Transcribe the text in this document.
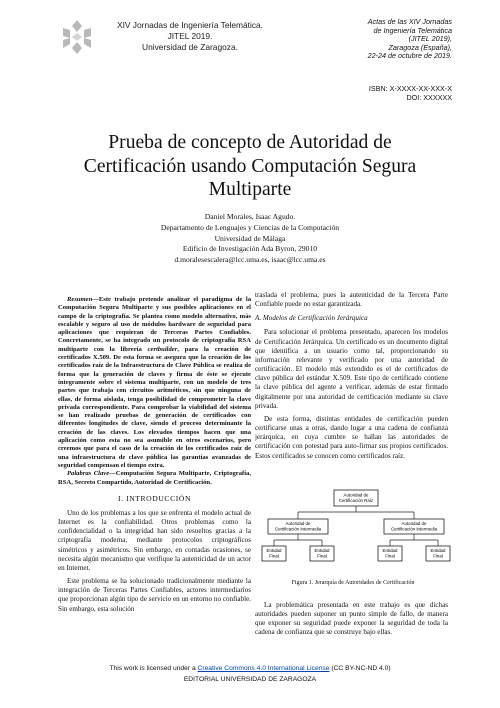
XIV Jornadas de Ingeniería Telemática.
JITEL 2019.
Universidad de Zaragoza.
Actas de las XIV Jornadas
de Ingeniería Telemática
(JITEL 2019),
Zaragoza (España),
22-24 de octubre de 2019.
ISBN: X-XXXX-XX-XXX-X
DOI: XXXXXX
Prueba de concepto de Autoridad de
Certificación usando Computación Segura
Multiparte
Daniel Morales, Isaac Agudo.
Departamento de Lenguajes y Ciencias de la Computación
Universidad de Málaga
Edificio de Investigación Ada Byron, 29010
d.moralesescalera@lcc.uma.es, isaac@lcc.uma.es

Resumen—Este trabajo pretende analizar el paradigma de la Computación Segura Multiparte y sus posibles aplicaciones en el campo de la criptografía. Se plantea como modelo alternativo, más escalable y seguro al uso de módulos hardware de seguridad para aplicaciones que requieran de Terceras Partes Confiables. Concretamente, se ha integrado un protocolo de criptografía RSA multiparte con la librería certbuilder, para la creación de certificados X.509. De esta forma se asegura que la creación de los certificados raíz de la Infraestructura de Clave Pública se realiza de forma que la generación de claves y firma de éste se ejecute íntegramente sobre el sistema multiparte, con un modelo de tres partes que trabaja con circuitos aritméticos, sin que ninguna de ellas, de forma aislada, tenga posibilidad de comprometer la clave privada correspondiente. Para comprobar la viabilidad del sistema se han realizado pruebas de generación de certificados con diferentes longitudes de clave, siendo el proceso determinante la creación de las claves. Los elevados tiempos hacen que una aplicación como esta no sea asumible en otros escenarios, pero creemos que para el caso de la creación de los certificados raíz de una infraestructura de clave pública las garantías avanzadas de seguridad compensan el tiempo extra.

Palabras Clave—Computación Segura Multiparte, Criptografía, RSA, Secreto Compartido, Autoridad de Certificación.

I. INTRODUCCIÓN

Uno de los problemas a los que se enfrenta el modelo actual de Internet es la confiabilidad. Otros problemas como la confidencialidad o la integridad han sido resueltos gracias a la criptografía moderna, mediante protocolos criptográficos simétricos y asimétricos. Sin embargo, en contadas ocasiones, se necesita algún mecanismo que verifique la autenticidad de un actor en Internet.

Este problema se ha solucionado tradicionalmente mediante la integración de Terceras Partes Confiables, actores intermediarios que proporcionan algún tipo de servicio en un entorno no confiable. Sin embargo, esta solución

traslada el problema, pues la autenticidad de la Tercera Parte Confiable puede no estar garantizada.

A. Modelos de Certificación Jerárquica

Para solucionar el problema presentado, aparecen los modelos de Certificación Jerárquica. Un certificado es un documento digital que identifica a un usuario como tal, proporcionando su información relevante y verificado por una autoridad de certificación. El modelo más extendido es el de certificados de clave pública del estándar X.509. Este tipo de certificado contiene la clave pública del agente a verificar, además de estar firmado digitalmente por una autoridad de certificación mediante su clave privada.

De esta forma, distintas entidades de certificación pueden certificarse unas a otras, dando lugar a una cadena de confianza jerárquica, en cuya cumbre se hallan las autoridades de certificación con potestad para auto-firmar sus propios certificados. Estos certificados se conocen como certificados raíz.

Autoridad de
Certificación Raíz
Autoridad de
Certificación Intermedia
Autoridad de
Certificación Intermedia
Entidad
Final
Entidad
Final
Entidad
Final
Entidad
Final
Figura 1. Jerarquía de Autoridades de Certificación

La problemática presentada en este trabajo es que dichas autoridades pueden suponer un punto simple de fallo, de manera que exponer su seguridad puede exponer la seguridad de toda la cadena de confianza que se construye bajo ellas.

This work is licensed under a Creative Commons 4.0 International License (CC BY-NC-ND 4.0)
EDITORIAL UNIVERSIDAD DE ZARAGOZA
